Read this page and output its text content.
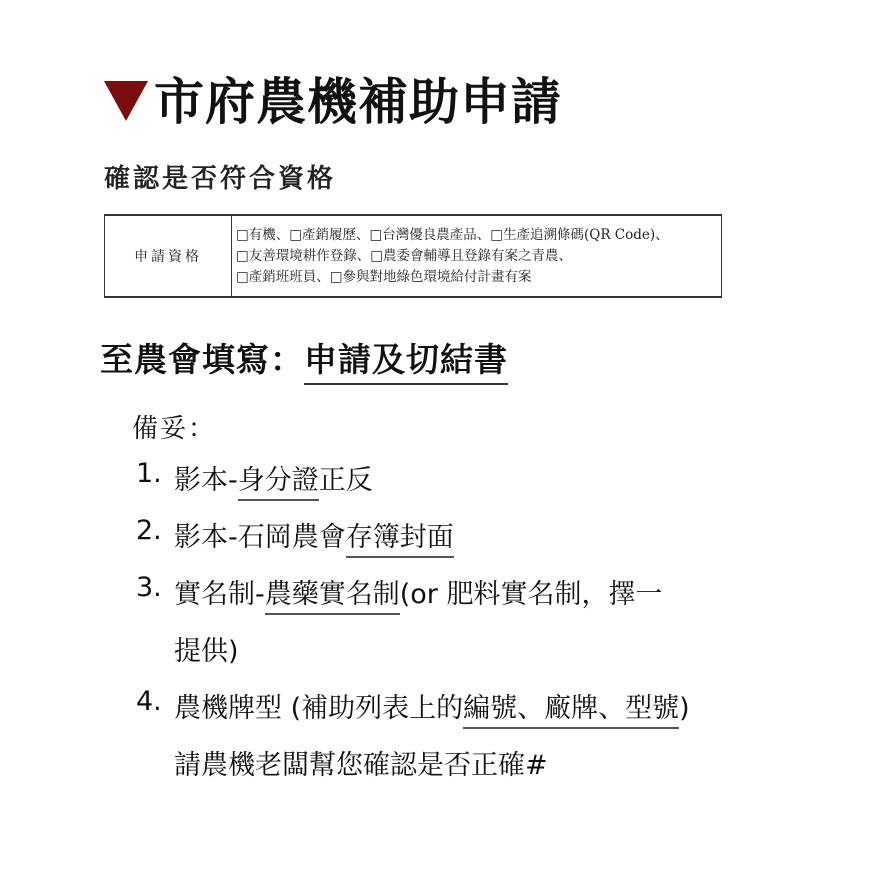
市府農機補助申請
確認是否符合資格
申請資格
□有機、□產銷履歷、□台灣優良農產品、□生產追溯條碼(QR Code)、
□友善環境耕作登錄、□農委會輔導且登錄有案之青農、
□產銷班班員、□參與對地綠色環境給付計畫有案
至農會填寫：申請及切結書
備妥：
1. 影本-身分證正反
2. 影本-石岡農會存簿封面
3. 實名制-農藥實名制(or 肥料實名制，擇一
提供)
4. 農機牌型 (補助列表上的編號、廠牌、型號)
請農機老闆幫您確認是否正確#
